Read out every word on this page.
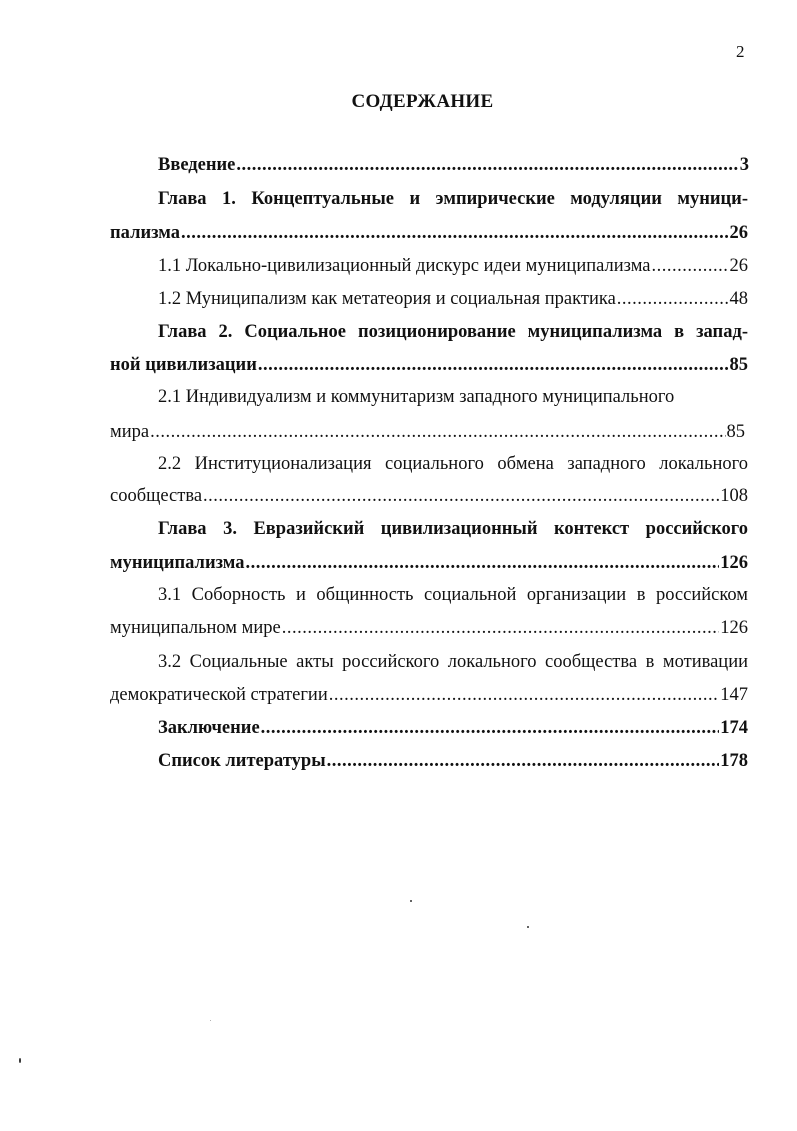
2
СОДЕРЖАНИЕ
Введение .....	3
Глава 1. Концептуальные и эмпирические модуляции муници-
пализма .....	26
1.1 Локально-цивилизационный дискурс идеи муниципализма .....	26
1.2 Муниципализм как метатеория и социальная практика .....	48
Глава 2. Социальное позиционирование муниципализма в запад-
ной цивилизации .....	85
2.1 Индивидуализм и коммунитаризм западного муниципального
мира .....	85
2.2 Институционализация социального обмена западного локального
сообщества .....	108
Глава 3. Евразийский цивилизационный контекст российского
муниципализма .....	126
3.1 Соборность и общинность социальной организации в российском
муниципальном мире .....	126
3.2 Социальные акты российского локального сообщества в мотивации
демократической стратегии .....	147
Заключение .....	174
Список литературы .....	178
